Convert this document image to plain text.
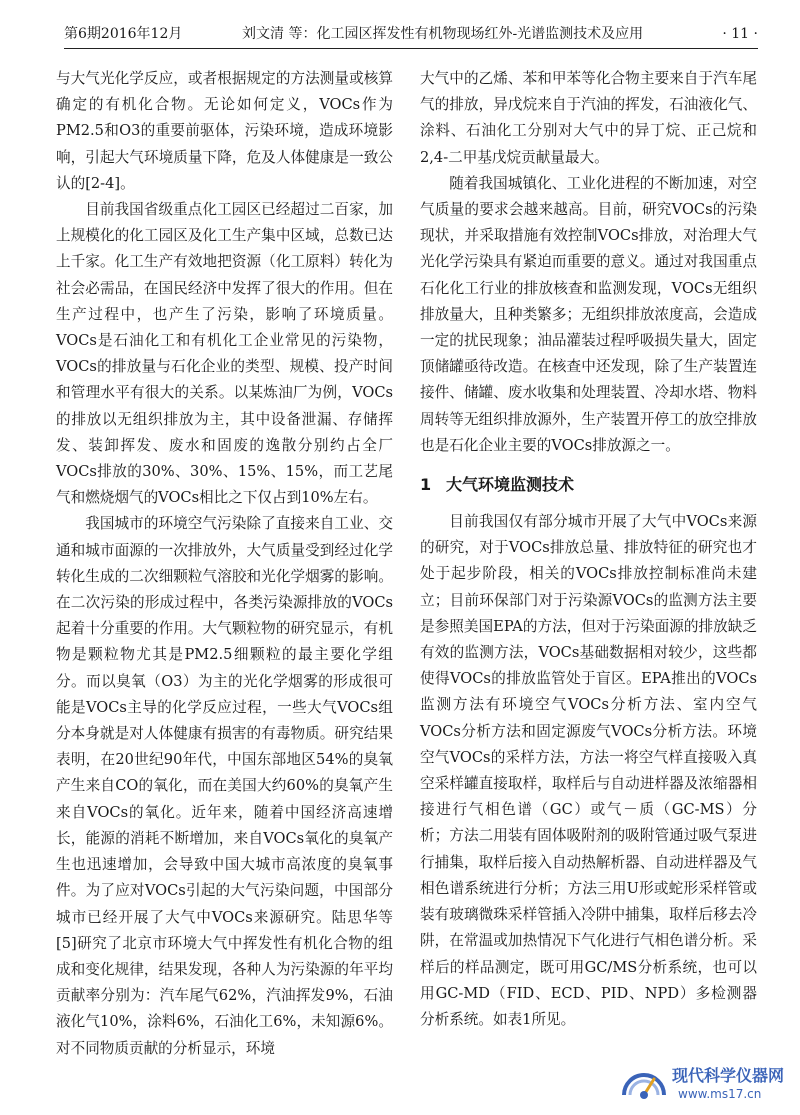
第6期2016年12月	刘文清 等：化工园区挥发性有机物现场红外-光谱监测技术及应用	· 11 ·

与大气光化学反应，或者根据规定的方法测量或核算确定的有机化合物。无论如何定义，VOCs作为PM2.5和O3的重要前驱体，污染环境，造成环境影响，引起大气环境质量下降，危及人体健康是一致公认的[2-4]。

目前我国省级重点化工园区已经超过二百家，加上规模化的化工园区及化工生产集中区域，总数已达上千家。化工生产有效地把资源（化工原料）转化为社会必需品，在国民经济中发挥了很大的作用。但在生产过程中，也产生了污染，影响了环境质量。VOCs是石油化工和有机化工企业常见的污染物，VOCs的排放量与石化企业的类型、规模、投产时间和管理水平有很大的关系。以某炼油厂为例，VOCs的排放以无组织排放为主，其中设备泄漏、存储挥发、装卸挥发、废水和固废的逸散分别约占全厂VOCs排放的30%、30%、15%、15%，而工艺尾气和燃烧烟气的VOCs相比之下仅占到10%左右。

我国城市的环境空气污染除了直接来自工业、交通和城市面源的一次排放外，大气质量受到经过化学转化生成的二次细颗粒气溶胶和光化学烟雾的影响。在二次污染的形成过程中，各类污染源排放的VOCs起着十分重要的作用。大气颗粒物的研究显示，有机物是颗粒物尤其是PM2.5细颗粒的最主要化学组分。而以臭氧（O3）为主的光化学烟雾的形成很可能是VOCs主导的化学反应过程，一些大气VOCs组分本身就是对人体健康有损害的有毒物质。研究结果表明，在20世纪90年代，中国东部地区54%的臭氧产生来自CO的氧化，而在美国大约60%的臭氧产生来自VOCs的氧化。近年来，随着中国经济高速增长，能源的消耗不断增加，来自VOCs氧化的臭氧产生也迅速增加，会导致中国大城市高浓度的臭氧事件。为了应对VOCs引起的大气污染问题，中国部分城市已经开展了大气中VOCs来源研究。陆思华等[5]研究了北京市环境大气中挥发性有机化合物的组成和变化规律，结果发现，各种人为污染源的年平均贡献率分别为：汽车尾气62%，汽油挥发9%，石油液化气10%，涂料6%，石油化工6%，未知源6%。对不同物质贡献的分析显示，环境

大气中的乙烯、苯和甲苯等化合物主要来自于汽车尾气的排放，异戊烷来自于汽油的挥发，石油液化气、涂料、石油化工分别对大气中的异丁烷、正己烷和2,4-二甲基戊烷贡献量最大。

随着我国城镇化、工业化进程的不断加速，对空气质量的要求会越来越高。目前，研究VOCs的污染现状，并采取措施有效控制VOCs排放，对治理大气光化学污染具有紧迫而重要的意义。通过对我国重点石化化工行业的排放核查和监测发现，VOCs无组织排放量大，且种类繁多；无组织排放浓度高，会造成一定的扰民现象；油品灌装过程呼吸损失量大，固定顶储罐亟待改造。在核查中还发现，除了生产装置连接件、储罐、废水收集和处理装置、冷却水塔、物料周转等无组织排放源外，生产装置开停工的放空排放也是石化企业主要的VOCs排放源之一。

1 大气环境监测技术

目前我国仅有部分城市开展了大气中VOCs来源的研究，对于VOCs排放总量、排放特征的研究也才处于起步阶段，相关的VOCs排放控制标准尚未建立；目前环保部门对于污染源VOCs的监测方法主要是参照美国EPA的方法，但对于污染面源的排放缺乏有效的监测方法，VOCs基础数据相对较少，这些都使得VOCs的排放监管处于盲区。EPA推出的VOCs监测方法有环境空气VOCs分析方法、室内空气VOCs分析方法和固定源废气VOCs分析方法。环境空气VOCs的采样方法，方法一将空气样直接吸入真空采样罐直接取样，取样后与自动进样器及浓缩器相接进行气相色谱（GC）或气－质（GC-MS）分析；方法二用装有固体吸附剂的吸附管通过吸气泵进行捕集，取样后接入自动热解析器、自动进样器及气相色谱系统进行分析；方法三用U形或蛇形采样管或装有玻璃微珠采样管插入冷阱中捕集，取样后移去冷阱，在常温或加热情况下气化进行气相色谱分析。采样后的样品测定，既可用GC/MS分析系统，也可以用GC-MD（FID、ECD、PID、NPD）多检测器分析系统。如表1所见。

现代科学仪器网
www.ms17.cn
